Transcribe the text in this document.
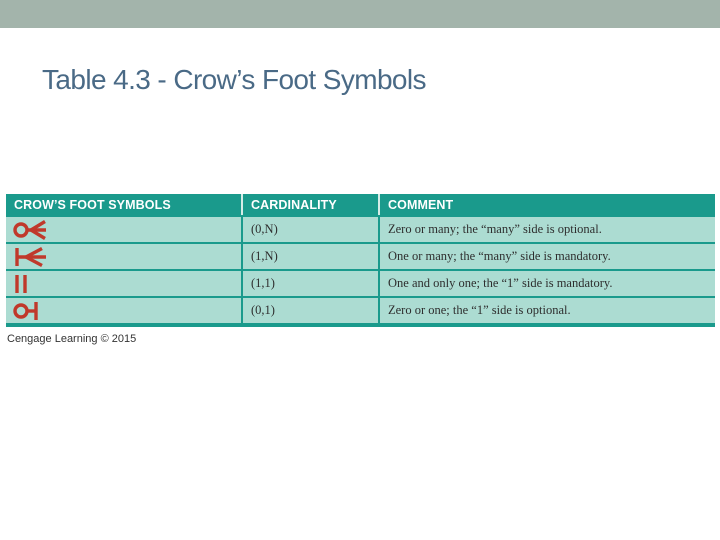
Table 4.3 - Crow’s Foot Symbols
CROW’S FOOT SYMBOLS	CARDINALITY	COMMENT

	(0,N)	Zero or many; the “many” side is optional.

	(1,N)	One or many; the “many” side is mandatory.

	(1,1)	One and only one; the “1” side is mandatory.

	(0,1)	Zero or one; the “1” side is optional.
Cengage Learning © 2015
